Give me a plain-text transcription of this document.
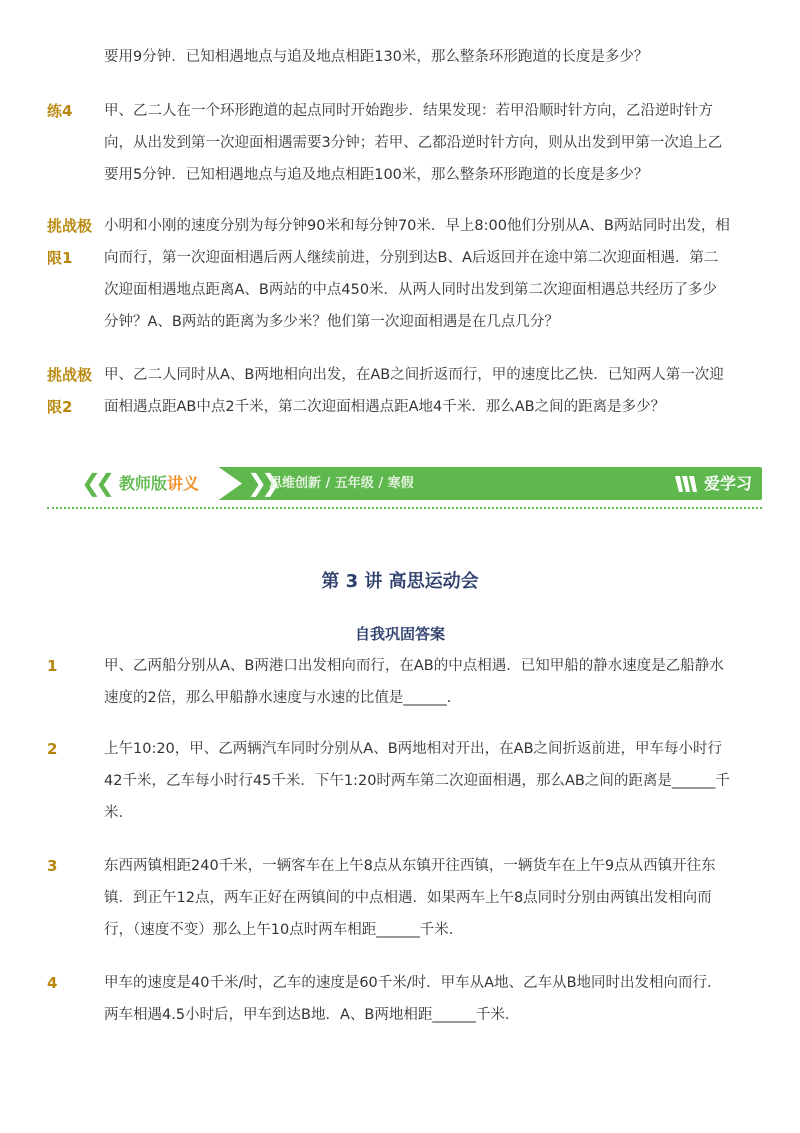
要用9分钟．已知相遇地点与追及地点相距130米，那么整条环形跑道的长度是多少？
练4 甲、乙二人在一个环形跑道的起点同时开始跑步．结果发现：若甲沿顺时针方向，乙沿逆时针方
向，从出发到第一次迎面相遇需要3分钟；若甲、乙都沿逆时针方向，则从出发到甲第一次追上乙
要用5分钟．已知相遇地点与追及地点相距100米，那么整条环形跑道的长度是多少？
挑战极
限1
小明和小刚的速度分别为每分钟90米和每分钟70米．早上8:00他们分别从A、B两站同时出发，相
向而行，第一次迎面相遇后两人继续前进，分别到达B、A后返回并在途中第二次迎面相遇．第二
次迎面相遇地点距离A、B两站的中点450米．从两人同时出发到第二次迎面相遇总共经历了多少
分钟？A、B两站的距离为多少米？他们第一次迎面相遇是在几点几分？
挑战极
限2
甲、乙二人同时从A、B两地相向出发，在AB之间折返而行，甲的速度比乙快．已知两人第一次迎
面相遇点距AB中点2千米，第二次迎面相遇点距A地4千米．那么AB之间的距离是多少？
❮❮ 教师版讲义 ❯❯
思维创新 / 五年级 / 寒假	爱学习
第 3 讲 高思运动会
自我巩固答案
1	甲、乙两船分别从A、B两港口出发相向而行，在AB的中点相遇．已知甲船的静水速度是乙船静水
速度的2倍，那么甲船静水速度与水速的比值是______．
2	上午10:20，甲、乙两辆汽车同时分别从A、B两地相对开出，在AB之间折返前进，甲车每小时行
42千米，乙车每小时行45千米．下午1:20时两车第二次迎面相遇，那么AB之间的距离是______千
米．
3	东西两镇相距240千米，一辆客车在上午8点从东镇开往西镇，一辆货车在上午9点从西镇开往东
镇．到正午12点，两车正好在两镇间的中点相遇．如果两车上午8点同时分别由两镇出发相向而
行，（速度不变）那么上午10点时两车相距______千米．
4	甲车的速度是40千米/时，乙车的速度是60千米/时．甲车从A地、乙车从B地同时出发相向而行．
两车相遇4.5小时后，甲车到达B地．A、B两地相距______千米．
